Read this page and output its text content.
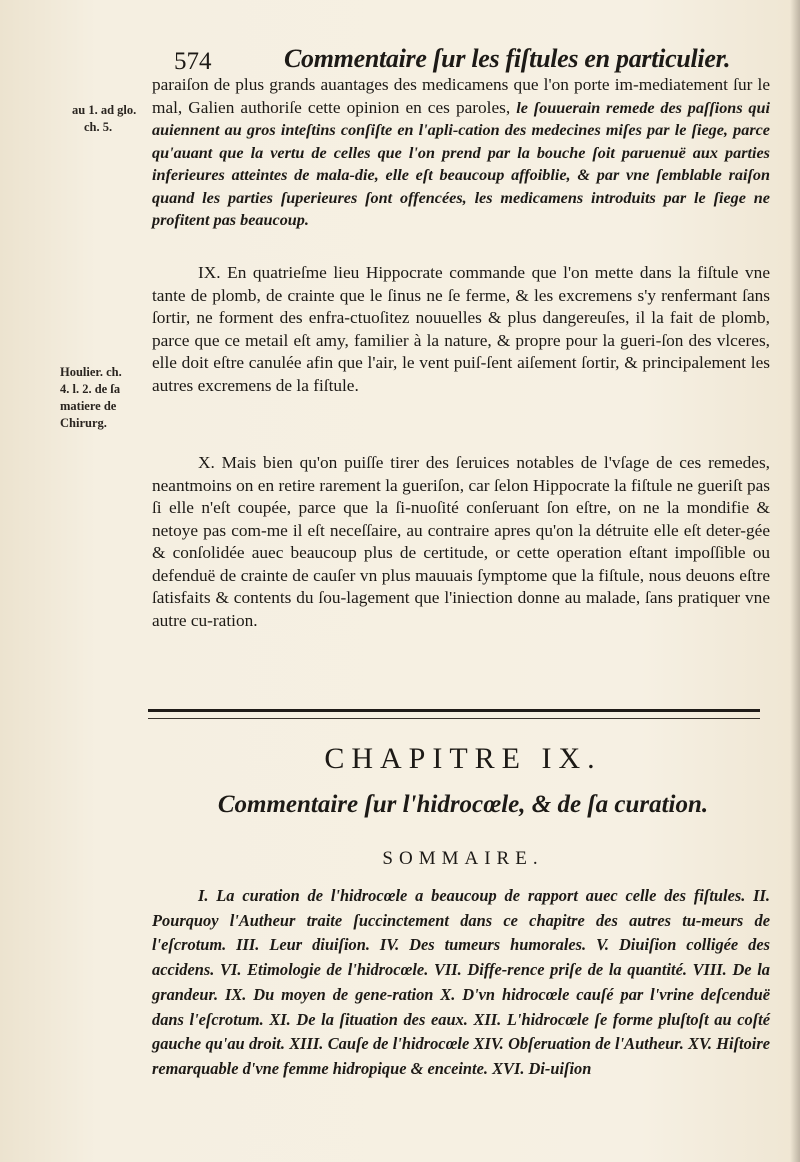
574	Commentaire ſur les fiſtules en particulier.
au 1. ad glo.
ch. 5.
paraiſon de plus grands auantages des medicamens que l'on porte im-mediatement ſur le mal, Galien authoriſe cette opinion en ces paroles, le ſouuerain remede des paſſions qui auiennent au gros inteſtins conſiſte en l'apli-cation des medecines miſes par le ſiege, parce qu'auant que la vertu de celles que l'on prend par la bouche ſoit paruenuë aux parties inferieures atteintes de mala-die, elle eſt beaucoup affoiblie, & par vne ſemblable raiſon quand les parties ſuperieures ſont offencées, les medicamens introduits par le ſiege ne profitent pas beaucoup.
Houlier. ch.
4. l. 2. de ſa
matiere de
Chirurg.
IX. En quatrieſme lieu Hippocrate commande que l'on mette dans la fiſtule vne tante de plomb, de crainte que le ſinus ne ſe ferme, & les excremens s'y renfermant ſans ſortir, ne forment des enfra-ctuoſitez nouuelles & plus dangereuſes, il la fait de plomb, parce que ce metail eſt amy, familier à la nature, & propre pour la gueri-ſon des vlceres, elle doit eſtre canulée afin que l'air, le vent puiſ-ſent aiſement ſortir, & principalement les autres excremens de la fiſtule.
X. Mais bien qu'on puiſſe tirer des ſeruices notables de l'vſage de ces remedes, neantmoins on en retire rarement la gueriſon, car ſelon Hippocrate la fiſtule ne gueriſt pas ſi elle n'eſt coupée, parce que la ſi-nuoſité conſeruant ſon eſtre, on ne la mondifie & netoye pas com-me il eſt neceſſaire, au contraire apres qu'on la détruite elle eſt deter-gée & conſolidée auec beaucoup plus de certitude, or cette operation eſtant impoſſible ou defenduë de crainte de cauſer vn plus mauuais ſymptome que la fiſtule, nous deuons eſtre ſatisfaits & contents du ſou-lagement que l'iniection donne au malade, ſans pratiquer vne autre cu-ration.
CHAPITRE IX.
Commentaire ſur l'hidrocœle, & de ſa curation.
SOMMAIRE.
I. La curation de l'hidrocœle a beaucoup de rapport auec celle des fiſtules. II. Pourquoy l'Autheur traite ſuccinctement dans ce chapitre des autres tu-meurs de l'eſcrotum. III. Leur diuiſion. IV. Des tumeurs humorales. V. Diuiſion colligée des accidens. VI. Etimologie de l'hidrocœle. VII. Diffe-rence priſe de la quantité. VIII. De la grandeur. IX. Du moyen de gene-ration X. D'vn hidrocœle cauſé par l'vrine deſcenduë dans l'eſcrotum. XI. De la ſituation des eaux. XII. L'hidrocœle ſe forme pluſtoſt au coſté gauche qu'au droit. XIII. Cauſe de l'hidrocœle XIV. Obſeruation de l'Autheur. XV. Hiſtoire remarquable d'vne femme hidropique & enceinte. XVI. Di-uiſion
